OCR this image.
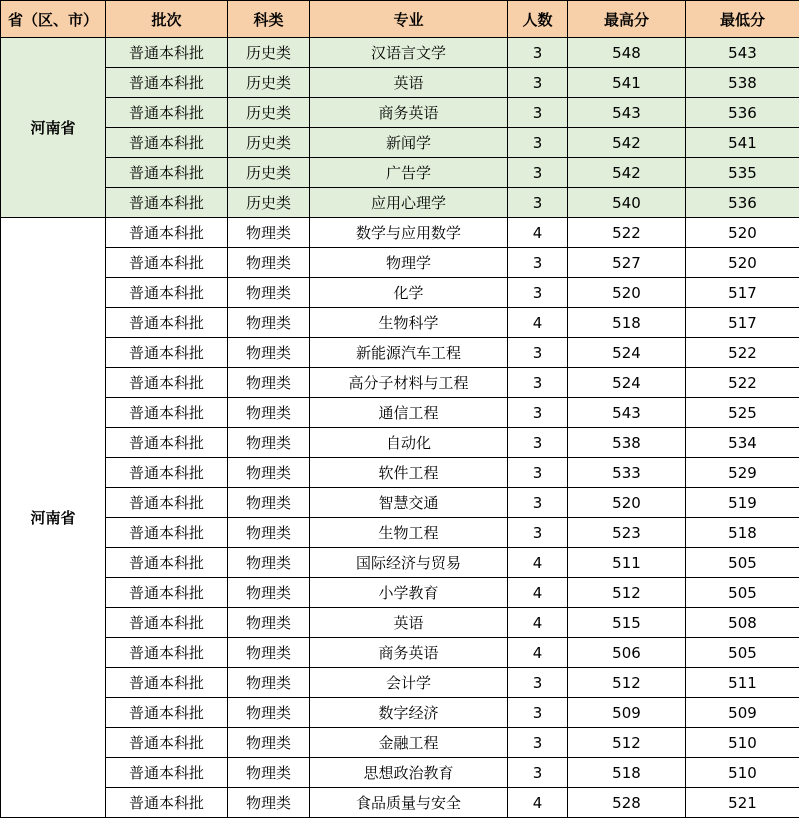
省（区、市）	批次	科类	专业	人数	最高分	最低分
河南省	普通本科批	历史类	汉语言文学	3	548	543
	普通本科批	历史类	英语	3	541	538
	普通本科批	历史类	商务英语	3	543	536
	普通本科批	历史类	新闻学	3	542	541
	普通本科批	历史类	广告学	3	542	535
	普通本科批	历史类	应用心理学	3	540	536
河南省	普通本科批	物理类	数学与应用数学	4	522	520
	普通本科批	物理类	物理学	3	527	520
	普通本科批	物理类	化学	3	520	517
	普通本科批	物理类	生物科学	4	518	517
	普通本科批	物理类	新能源汽车工程	3	524	522
	普通本科批	物理类	高分子材料与工程	3	524	522
	普通本科批	物理类	通信工程	3	543	525
	普通本科批	物理类	自动化	3	538	534
	普通本科批	物理类	软件工程	3	533	529
	普通本科批	物理类	智慧交通	3	520	519
	普通本科批	物理类	生物工程	3	523	518
	普通本科批	物理类	国际经济与贸易	4	511	505
	普通本科批	物理类	小学教育	4	512	505
	普通本科批	物理类	英语	4	515	508
	普通本科批	物理类	商务英语	4	506	505
	普通本科批	物理类	会计学	3	512	511
	普通本科批	物理类	数字经济	3	509	509
	普通本科批	物理类	金融工程	3	512	510
	普通本科批	物理类	思想政治教育	3	518	510
	普通本科批	物理类	食品质量与安全	4	528	521
